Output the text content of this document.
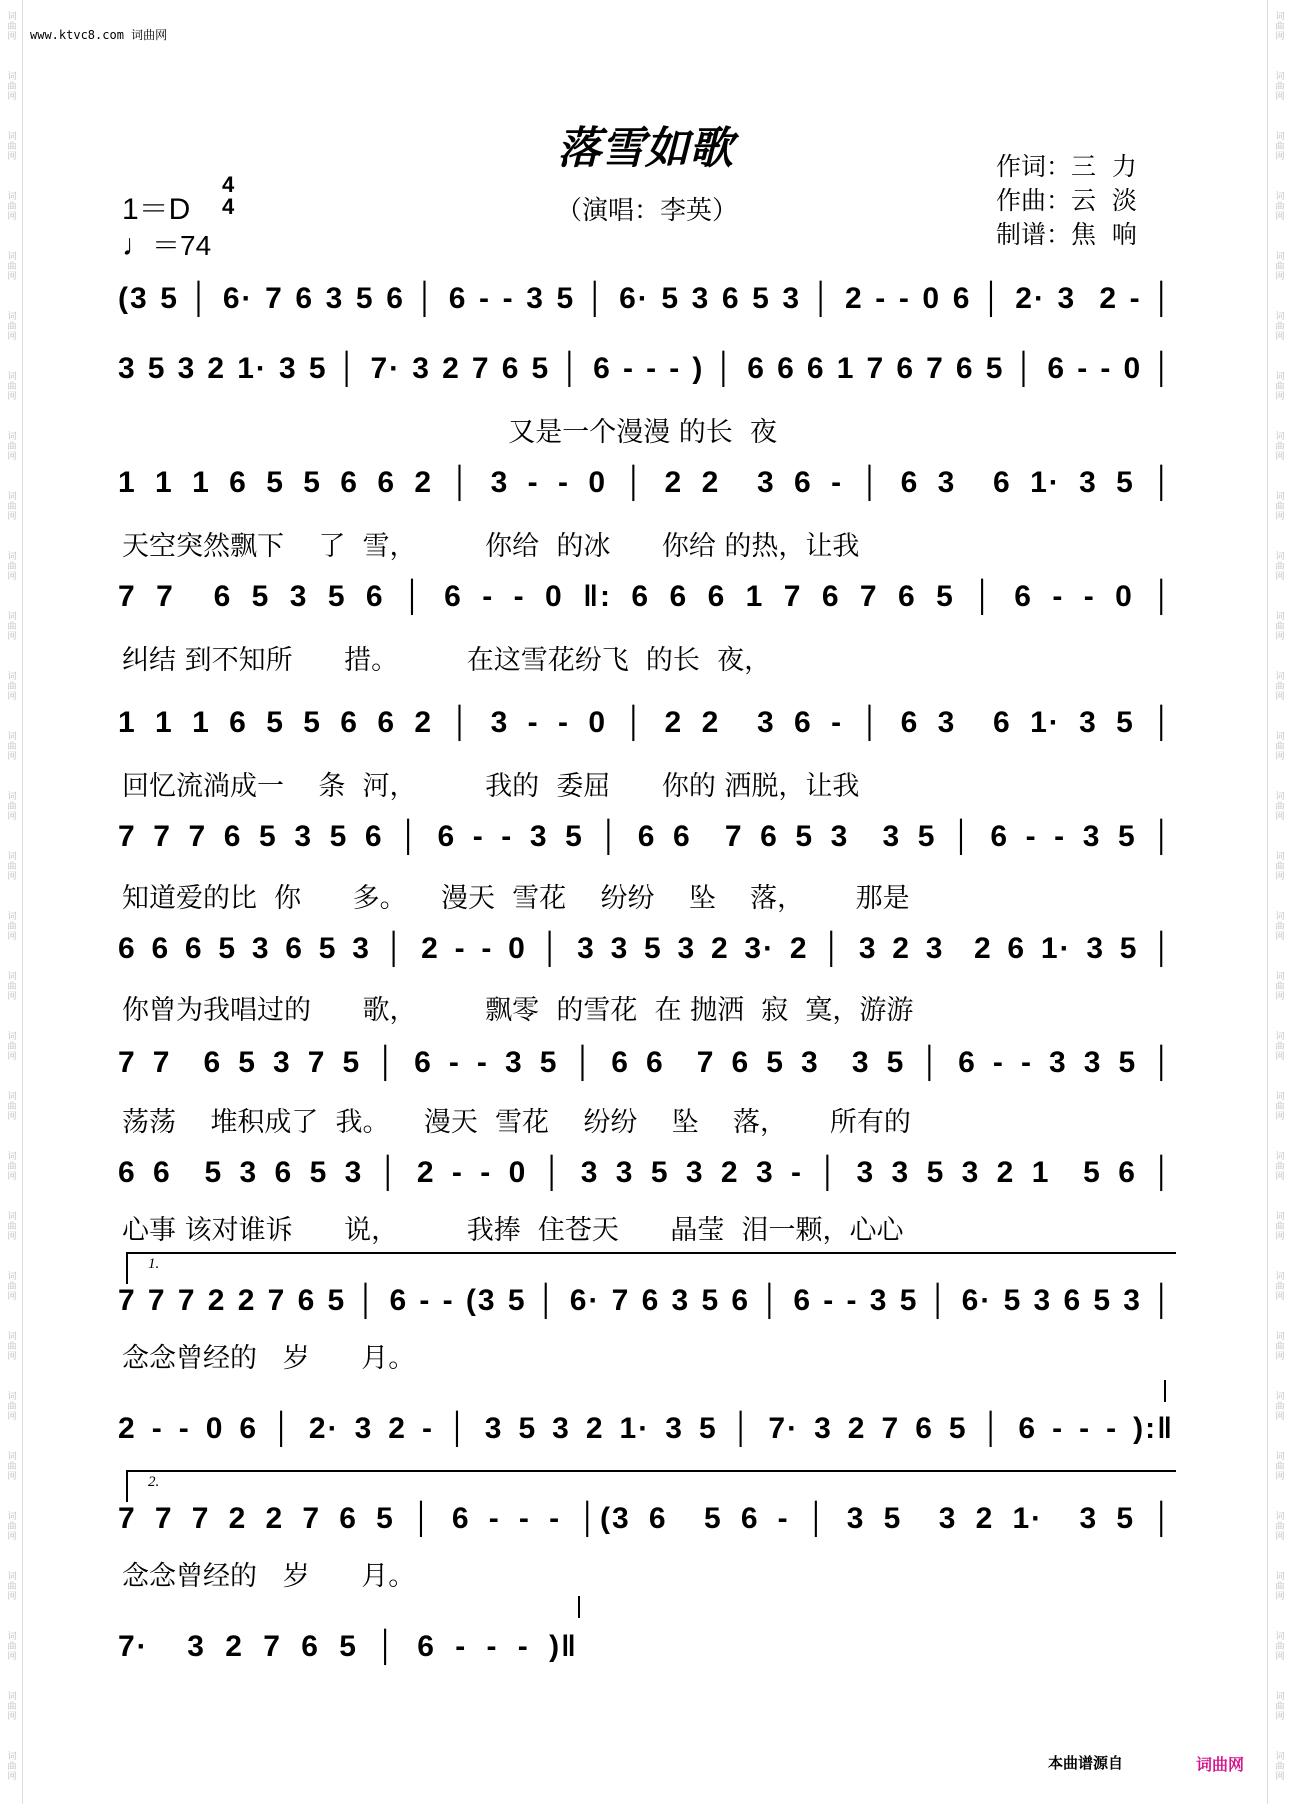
词曲网
词曲网
词曲网
词曲网
词曲网
词曲网
词曲网
词曲网
词曲网
词曲网
词曲网
词曲网
词曲网
词曲网
词曲网
词曲网
词曲网
词曲网
词曲网
词曲网
词曲网
词曲网
词曲网
词曲网
词曲网
词曲网
词曲网
词曲网
词曲网
词曲网
词曲网
词曲网
词曲网
词曲网
词曲网
词曲网
词曲网
词曲网
词曲网
词曲网
词曲网
词曲网
词曲网
词曲网
词曲网
词曲网
词曲网
词曲网
词曲网
词曲网
词曲网
词曲网
词曲网
词曲网
词曲网
词曲网
词曲网
词曲网
词曲网
词曲网
www.ktvc8.com 词曲网
落雪如歌
（演唱：李英）
作词：三  力
作曲：云  淡
制谱：焦  响
1＝D
4
4
♩＝74
(3 5 │ 6· 7 6 3 5 6 │ 6 - - 3 5 │ 6· 5 3 6 5 3 │ 2 - - 0 6 │ 2· 3  2 - │
3 5 3 2 1· 3 5 │ 7· 3 2 7 6 5 │ 6 - - - ) │ 6 6 6 1 7 6 7 6 5 │ 6 - - 0 │
又是一个漫漫 的长  夜
1 1 1 6 5 5 6 6 2 │ 3 - - 0 │ 2 2  3 6 - │ 6 3  6 1· 3 5 │
天空突然飘下    了  雪，        你给  的冰      你给 的热，让我
7 7  6 5 3 5 6 │ 6 - - 0 ‖: 6 6 6 1 7 6 7 6 5 │ 6 - - 0 │
纠结 到不知所      措。        在这雪花纷飞  的长  夜，
1 1 1 6 5 5 6 6 2 │ 3 - - 0 │ 2 2  3 6 - │ 6 3  6 1· 3 5 │
回忆流淌成一    条  河，        我的  委屈      你的 洒脱，让我
7 7 7 6 5 3 5 6 │ 6 - - 3 5 │ 6 6  7 6 5 3  3 5 │ 6 - - 3 5 │
知道爱的比  你      多。    漫天  雪花    纷纷    坠    落，      那是
6 6 6 5 3 6 5 3 │ 2 - - 0 │ 3 3 5 3 2 3· 2 │ 3 2 3  2 6 1· 3 5 │
你曾为我唱过的      歌，        飘零  的雪花  在 抛洒  寂  寞，游游
7 7  6 5 3 7 5 │ 6 - - 3 5 │ 6 6  7 6 5 3  3 5 │ 6 - - 3 3 5 │
荡荡    堆积成了  我。    漫天  雪花    纷纷    坠    落，     所有的
6 6  5 3 6 5 3 │ 2 - - 0 │ 3 3 5 3 2 3 - │ 3 3 5 3 2 1  5 6 │
心事 该对谁诉      说，        我捧  住苍天      晶莹  泪一颗，心心
1.
7 7 7 2 2 7 6 5 │ 6 - - (3 5 │ 6· 7 6 3 5 6 │ 6 - - 3 5 │ 6· 5 3 6 5 3 │
念念曾经的   岁      月。
2 - - 0 6 │ 2· 3 2 - │ 3 5 3 2 1· 3 5 │ 7· 3 2 7 6 5 │ 6 - - - ):‖
2.
7 7 7 2 2 7 6 5 │ 6 - - - │(3 6  5 6 - │ 3 5  3 2 1·  3 5 │
念念曾经的   岁      月。
7·  3 2 7 6 5 │ 6 - - - )‖
本曲谱源自	词曲网
